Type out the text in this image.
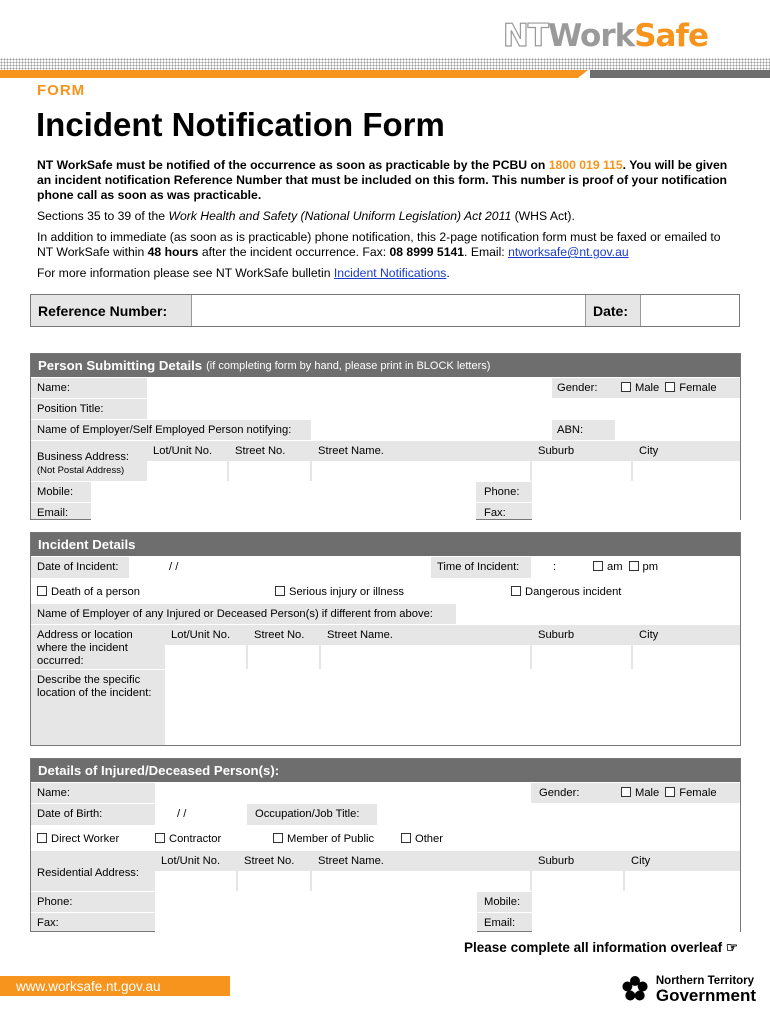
NTWorkSafe
FORM
Incident Notification Form

NT WorkSafe must be notified of the occurrence as soon as practicable by the PCBU on 1800 019 115. You will be given an incident notification Reference Number that must be included on this form. This number is proof of your notification phone call as soon as was practicable.

Sections 35 to 39 of the Work Health and Safety (National Uniform Legislation) Act 2011 (WHS Act).

In addition to immediate (as soon as is practicable) phone notification, this 2-page notification form must be faxed or emailed to NT WorkSafe within 48 hours after the incident occurrence. Fax: 08 8999 5141. Email: ntworksafe@nt.gov.au

For more information please see NT WorkSafe bulletin Incident Notifications.

Reference Number:	Date:
Person Submitting Details (if completing form by hand, please print in BLOCK letters)
Name:	Gender:	Male Female
Position Title:
Name of Employer/Self Employed Person notifying:	ABN:
Business Address:
(Not Postal Address)
Lot/Unit No.	Street No.	Street Name.	Suburb	City
Mobile:	Phone:
Email:	Fax:
Incident Details
Date of Incident:	/ /	Time of Incident:	:	am pm
Death of a person	Serious injury or illness	Dangerous incident
Name of Employer of any Injured or Deceased Person(s) if different from above:
Address or location where the incident occurred:
Lot/Unit No.	Street No.	Street Name.	Suburb	City
Describe the specific location of the incident:
Details of Injured/Deceased Person(s):
Name:	Gender:	Male Female
Date of Birth:	/ /	Occupation/Job Title:
Direct Worker	Contractor	Member of Public	Other
Residential Address:
Lot/Unit No.	Street No.	Street Name.	Suburb	City
Phone:	Mobile:
Fax:	Email:
Please complete all information overleaf ☞
www.worksafe.nt.gov.au	Northern Territory
Government
